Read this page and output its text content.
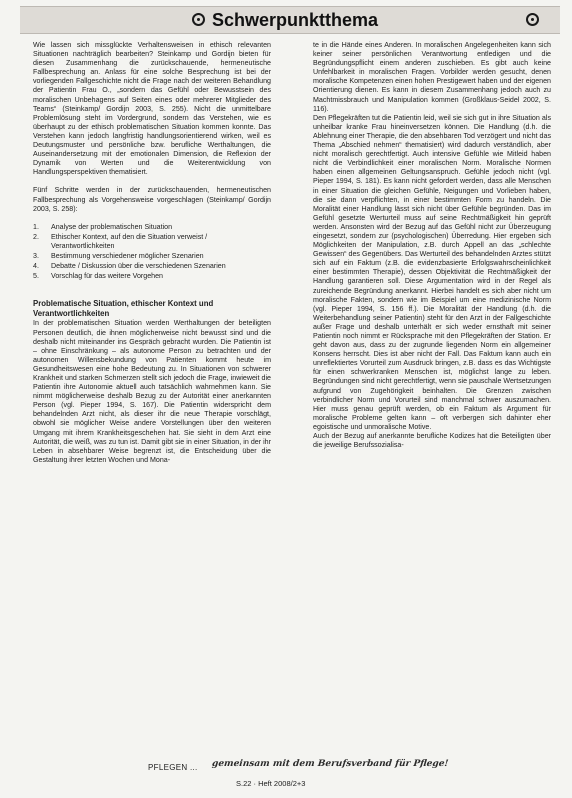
Schwerpunktthema

Wie lassen sich missglückte Verhaltensweisen in ethisch relevanten Situationen nachträglich bearbeiten? Steinkamp und Gordijn bieten für diesen Zusammenhang die zurückschauende, hermeneutische Fallbesprechung an. Anlass für eine solche Besprechung ist bei der vorliegenden Fallgeschichte nicht die Frage nach der weiteren Behandlung der Patientin Frau O., „sondern das Gefühl oder Bewusstsein des moralischen Unbehagens auf Seiten eines oder mehrerer Mitglieder des Teams“ (Steinkamp/ Gordijn 2003, S. 255). Nicht die unmittelbare Problemlösung steht im Vordergrund, sondern das Verstehen, wie es überhaupt zu der ethisch problematischen Situation kommen konnte. Das Verstehen kann jedoch langfristig handlungsorientierend wirken, weil es Deutungsmuster und persönliche bzw. berufliche Werthaltungen, die Auseinandersetzung mit der emotionalen Dimension, die Reflexion der Dynamik von Werten und die Weiterentwicklung von Handlungsperspektiven thematisiert.

Fünf Schritte werden in der zurückschauenden, hermeneutischen Fallbesprechung als Vorgehensweise vorgeschlagen (Steinkamp/ Gordijn 2003, S. 258):

1.	Analyse der problematischen Situation
2.	Ethischer Kontext, auf den die Situation verweist / Verantwortlichkeiten
3.	Bestimmung verschiedener möglicher Szenarien
4.	Debatte / Diskussion über die verschiedenen Szenarien
5.	Vorschlag für das weitere Vorgehen
Problematische Situation, ethischer Kontext und Verantwortlichkeiten

In der problematischen Situation werden Werthaltungen der beteiligten Personen deutlich, die ihnen möglicherweise nicht bewusst sind und die deshalb nicht miteinander ins Gespräch gebracht wurden. Die Patientin ist – ohne Einschränkung – als autonome Person zu betrachten und der autonomen Willensbekundung von Patienten kommt heute im Gesundheitswesen eine hohe Bedeutung zu. In Situationen von schwerer Krankheit und starken Schmerzen stellt sich jedoch die Frage, inwieweit die Patientin ihre Autonomie aktuell auch tatsächlich wahrnehmen kann. Sie nimmt möglicherweise deshalb Bezug zu der Autorität einer anerkannten Person (vgl. Pieper 1994, S. 167). Die Patientin widerspricht dem behandelnden Arzt nicht, als dieser ihr die neue Therapie vorschlägt, obwohl sie möglicher Weise andere Vorstellungen über den weiteren Umgang mit ihrem Krankheitsgeschehen hat. Sie sieht in dem Arzt eine Autorität, die weiß, was zu tun ist. Damit gibt sie in einer Situation, in der ihr Leben in absehbarer Weise begrenzt ist, die Entscheidung über die Gestaltung ihrer letzten Wochen und Mona-

te in die Hände eines Anderen. In moralischen Angelegenheiten kann sich keiner seiner persönlichen Verantwortung entledigen und die Begründungspflicht einem anderen zuschieben. Es gibt auch keine Unfehlbarkeit in moralischen Fragen. Vorbilder werden gesucht, denen moralische Kompetenzen einen hohen Prestigewert haben und der eigenen Orientierung dienen. Es kann in diesem Zusammenhang jedoch auch zu Machtmissbrauch und Manipulation kommen (Großklaus-Seidel 2002, S. 116).

Den Pflegekräften tut die Patientin leid, weil sie sich gut in ihre Situation als unheilbar kranke Frau hineinversetzen können. Die Handlung (d.h. die Ablehnung einer Therapie, die den absehbaren Tod verzögert und nicht das Thema „Abschied nehmen“ thematisiert) wird dadurch verständlich, aber nicht moralisch gerechtfertigt. Auch intensive Gefühle wie Mitleid haben nicht die Verbindlichkeit einer moralischen Norm. Moralische Normen haben einen allgemeinen Geltungsanspruch. Gefühle jedoch nicht (vgl. Pieper 1994, S. 181). Es kann nicht gefordert werden, dass alle Menschen in einer Situation die gleichen Gefühle, Neigungen und Vorlieben haben, die sie dann verpflichten, in einer bestimmten Form zu handeln. Die Moralität einer Handlung lässt sich nicht über Gefühle begründen. Das im Gefühl gesetzte Werturteil muss auf seine Rechtmäßigkeit hin geprüft werden. Ansonsten wird der Bezug auf das Gefühl nicht zur Überzeugung eingesetzt, sondern zur (psychologischen) Überredung. Hier ergeben sich Möglichkeiten der Manipulation, z.B. durch Appell an das „schlechte Gewissen“ des Gegenübers. Das Werturteil des behandelnden Arztes stützt sich auf ein Faktum (z.B. die evidenzbasierte Erfolgswahrscheinlichkeit einer bestimmten Therapie), dessen Objektivität die Rechtmäßigkeit der Handlung garantieren soll. Diese Argumentation wird in der Regel als zureichende Begründung anerkannt. Hierbei handelt es sich aber nicht um moralische Fakten, sondern wie im Beispiel um eine medizinische Norm (vgl. Pieper 1994, S. 156 ff.). Die Moralität der Handlung (d.h. die Weiterbehandlung seiner Patientin) steht für den Arzt in der Fallgeschichte außer Frage und deshalb unterhält er sich weder ernsthaft mit seiner Patientin noch nimmt er Rücksprache mit den Pflegekräften der Station. Er geht davon aus, dass zu der zugrunde liegenden Norm ein allgemeiner Konsens herrscht. Dies ist aber nicht der Fall. Das Faktum kann auch ein unreflektiertes Vorurteil zum Ausdruck bringen, z.B. dass es das Wichtigste für einen schwerkranken Menschen ist, möglichst lange zu leben. Begründungen sind nicht gerechtfertigt, wenn sie pauschale Wertsetzungen aufgrund von Zugehörigkeit beinhalten. Die Grenzen zwischen verbindlicher Norm und Vorurteil sind manchmal schwer auszumachen. Hier muss genau geprüft werden, ob ein Faktum als Argument für moralische Probleme gelten kann – oft verbergen sich dahinter eher egoistische und unmoralische Motive.

Auch der Bezug auf anerkannte berufliche Kodizes hat die Beteiligten über die jeweilige Berufssozialisa-

PFLEGEN ... gemeinsam mit dem Berufsverband für Pflege!
S.22 · Heft 2008/2+3
